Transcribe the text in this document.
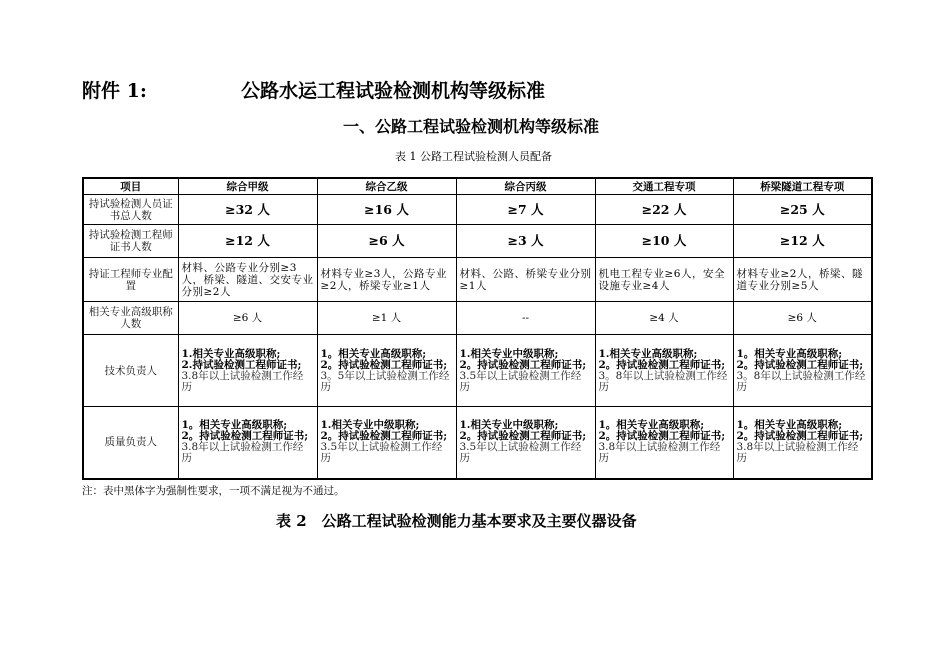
附件 1:	公路水运工程试验检测机构等级标准
一、公路工程试验检测机构等级标准
表 1 公路工程试验检测人员配备
项目	综合甲级	综合乙级	综合丙级	交通工程专项	桥梁隧道工程专项
持试验检测人员证书总人数	≥32 人	≥16 人	≥7 人	≥22 人	≥25 人
持试验检测工程师证书人数	≥12 人	≥6 人	≥3 人	≥10 人	≥12 人
持证工程师专业配置	材料、公路专业分别≥3人，桥梁、隧道、交安专业分别≥2人	材料专业≥3人，公路专业≥2人，桥梁专业≥1人	材料、公路、桥梁专业分别≥1人	机电工程专业≥6人，安全设施专业≥4人	材料专业≥2人，桥梁、隧道专业分别≥5人
相关专业高级职称人数	≥6 人	≥1 人	--	≥4 人	≥6 人
技术负责人	1.相关专业高级职称;
2.持试验检测工程师证书;
3.8年以上试验检测工作经历	1。相关专业高级职称;
2。持试验检测工程师证书;
3。5年以上试验检测工作经历	1.相关专业中级职称;
2。持试验检测工程师证书;
3.5年以上试验检测工作经历	1.相关专业高级职称;
2。持试验检测工程师证书;
3。8年以上试验检测工作经历	1。相关专业高级职称;
2。持试验检测工程师证书;
3。8年以上试验检测工作经历

质量负责人	1。相关专业高级职称;
2。持试验检测工程师证书;
3.8年以上试验检测工作经历	1.相关专业中级职称;
2。持试验检测工程师证书;
3.5年以上试验检测工作经历	1.相关专业中级职称;
2。持试验检测工程师证书;
3.5年以上试验检测工作经历	1。相关专业高级职称;
2。持试验检测工程师证书;
3.8年以上试验检测工作经历	1。相关专业高级职称;
2。持试验检测工程师证书;
3.8年以上试验检测工作经历
注：表中黑体字为强制性要求，一项不满足视为不通过。
表 2　公路工程试验检测能力基本要求及主要仪器设备
